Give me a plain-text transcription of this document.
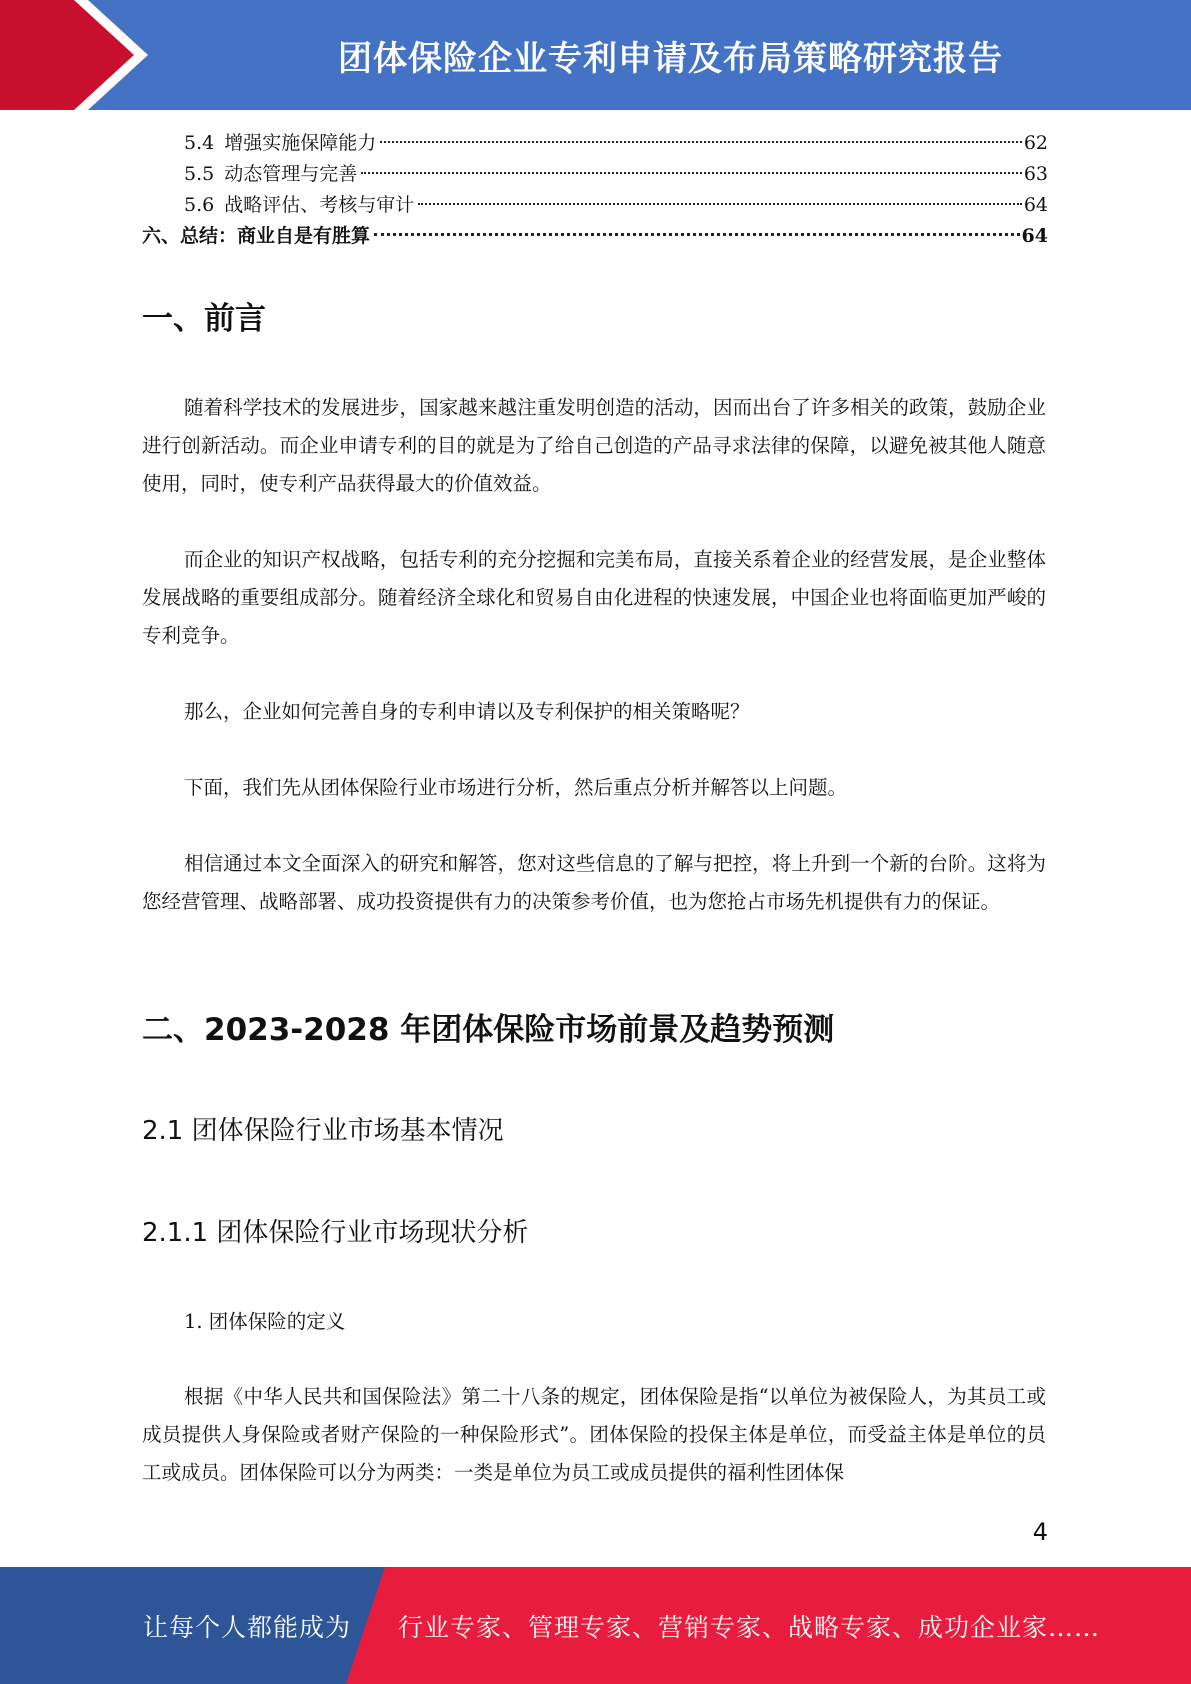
团体保险企业专利申请及布局策略研究报告
5.4 增强实施保障能力	62
5.5 动态管理与完善	63
5.6 战略评估、考核与审计	64
六、总结：商业自是有胜算	64
一、前言

随着科学技术的发展进步，国家越来越注重发明创造的活动，因而出台了许多相关的政策，鼓励企业进行创新活动。而企业申请专利的目的就是为了给自己创造的产品寻求法律的保障，以避免被其他人随意使用，同时，使专利产品获得最大的价值效益。

而企业的知识产权战略，包括专利的充分挖掘和完美布局，直接关系着企业的经营发展，是企业整体发展战略的重要组成部分。随着经济全球化和贸易自由化进程的快速发展，中国企业也将面临更加严峻的专利竞争。

那么，企业如何完善自身的专利申请以及专利保护的相关策略呢？

下面，我们先从团体保险行业市场进行分析，然后重点分析并解答以上问题。

相信通过本文全面深入的研究和解答，您对这些信息的了解与把控，将上升到一个新的台阶。这将为您经营管理、战略部署、成功投资提供有力的决策参考价值，也为您抢占市场先机提供有力的保证。

二、2023-2028 年团体保险市场前景及趋势预测
2.1 团体保险行业市场基本情况
2.1.1 团体保险行业市场现状分析

1. 团体保险的定义

根据《中华人民共和国保险法》第二十八条的规定，团体保险是指“以单位为被保险人，为其员工或成员提供人身保险或者财产保险的一种保险形式”。团体保险的投保主体是单位，而受益主体是单位的员工或成员。团体保险可以分为两类：一类是单位为员工或成员提供的福利性团体保

4
让每个人都能成为 行业专家、管理专家、营销专家、战略专家、成功企业家……
